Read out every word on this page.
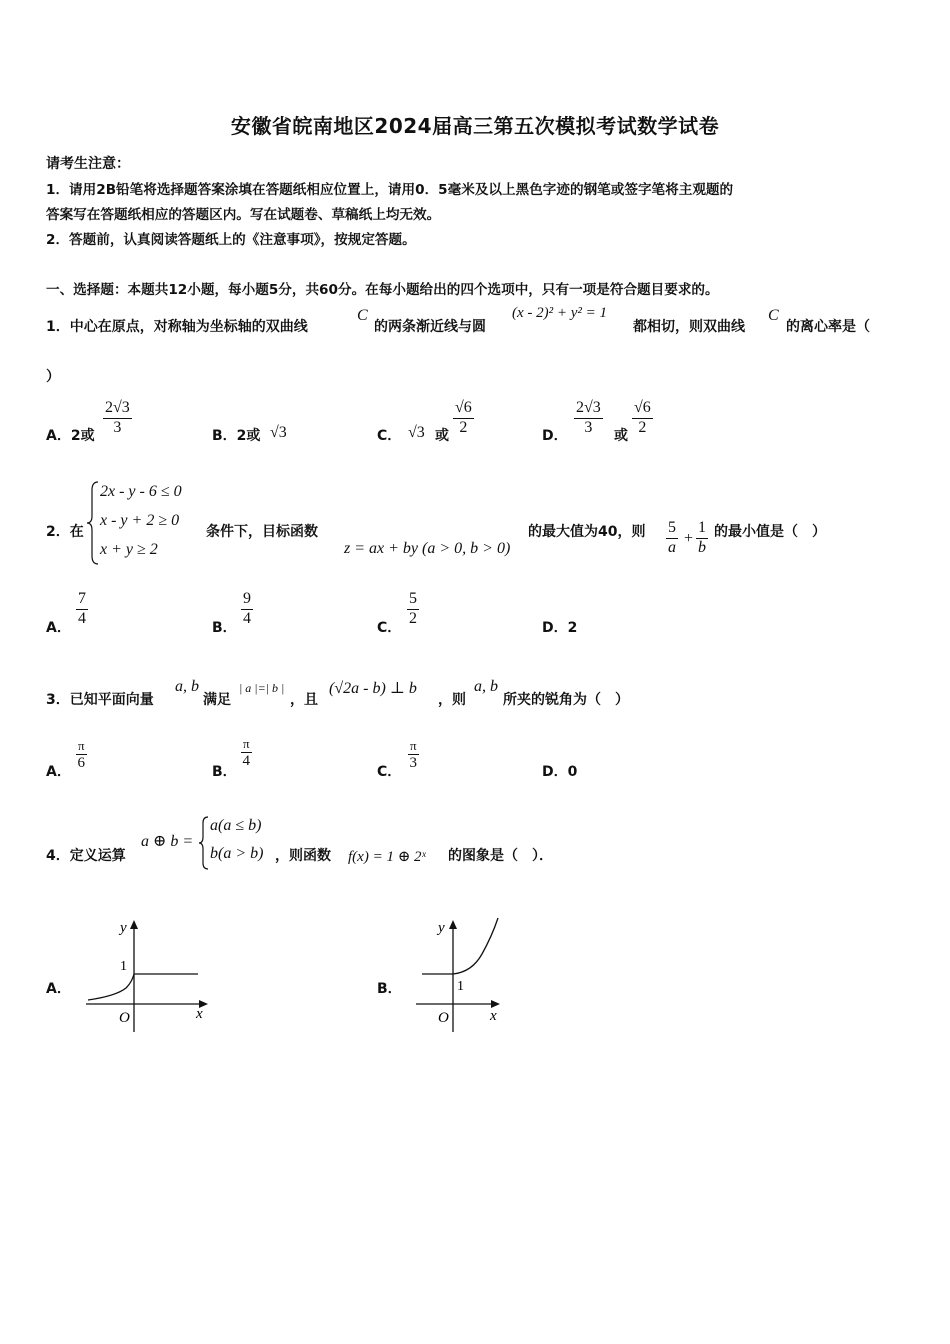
安徽省皖南地区2024届高三第五次模拟考试数学试卷
请考生注意：
1．请用2B铅笔将选择题答案涂填在答题纸相应位置上，请用0．5毫米及以上黑色字迹的钢笔或签字笔将主观题的
答案写在答题纸相应的答题区内。写在试题卷、草稿纸上均无效。
2．答题前，认真阅读答题纸上的《注意事项》，按规定答题。
一、选择题：本题共12小题，每小题5分，共60分。在每小题给出的四个选项中，只有一项是符合题目要求的。
1．中心在原点，对称轴为坐标轴的双曲线
C
的两条渐近线与圆
(x - 2)² + y² = 1
都相切，则双曲线
C
的离心率是（
）
A．2或 $\frac{2√3}{3}$	B．2或 √3	C． √3 或 $\frac{√6}{2}$	D． $\frac{2√3}{3}$ 或 $\frac{√6}{2}$
2．在
2x - y - 6 ≤ 0
x - y + 2 ≥ 0
x + y ≥ 2
条件下，目标函数
z = ax + by (a > 0, b > 0)
的最大值为40，则 $\frac{5}{a} + \frac{1}{b}$ 的最小值是（　）
A．
$\frac{7}{4}$
B．
$\frac{9}{4}$
C．
$\frac{5}{2}$
D．2
3．已知平面向量
a, b
满足
| a |=| b |
，且
(√2a - b) ⊥ b
，则
a, b
所夹的锐角为（　）
A．
$\frac{\pi}{6}$
B．
$\frac{\pi}{4}$
C．
$\frac{\pi}{3}$
D．0
4．定义运算
a ⊕ b =
a(a ≤ b)
b(a > b) ，则函数 f(x) = 1 ⊕ 2ˣ 的图象是（　）．
A．
y
x
O
1
B．
y
x
O
1
